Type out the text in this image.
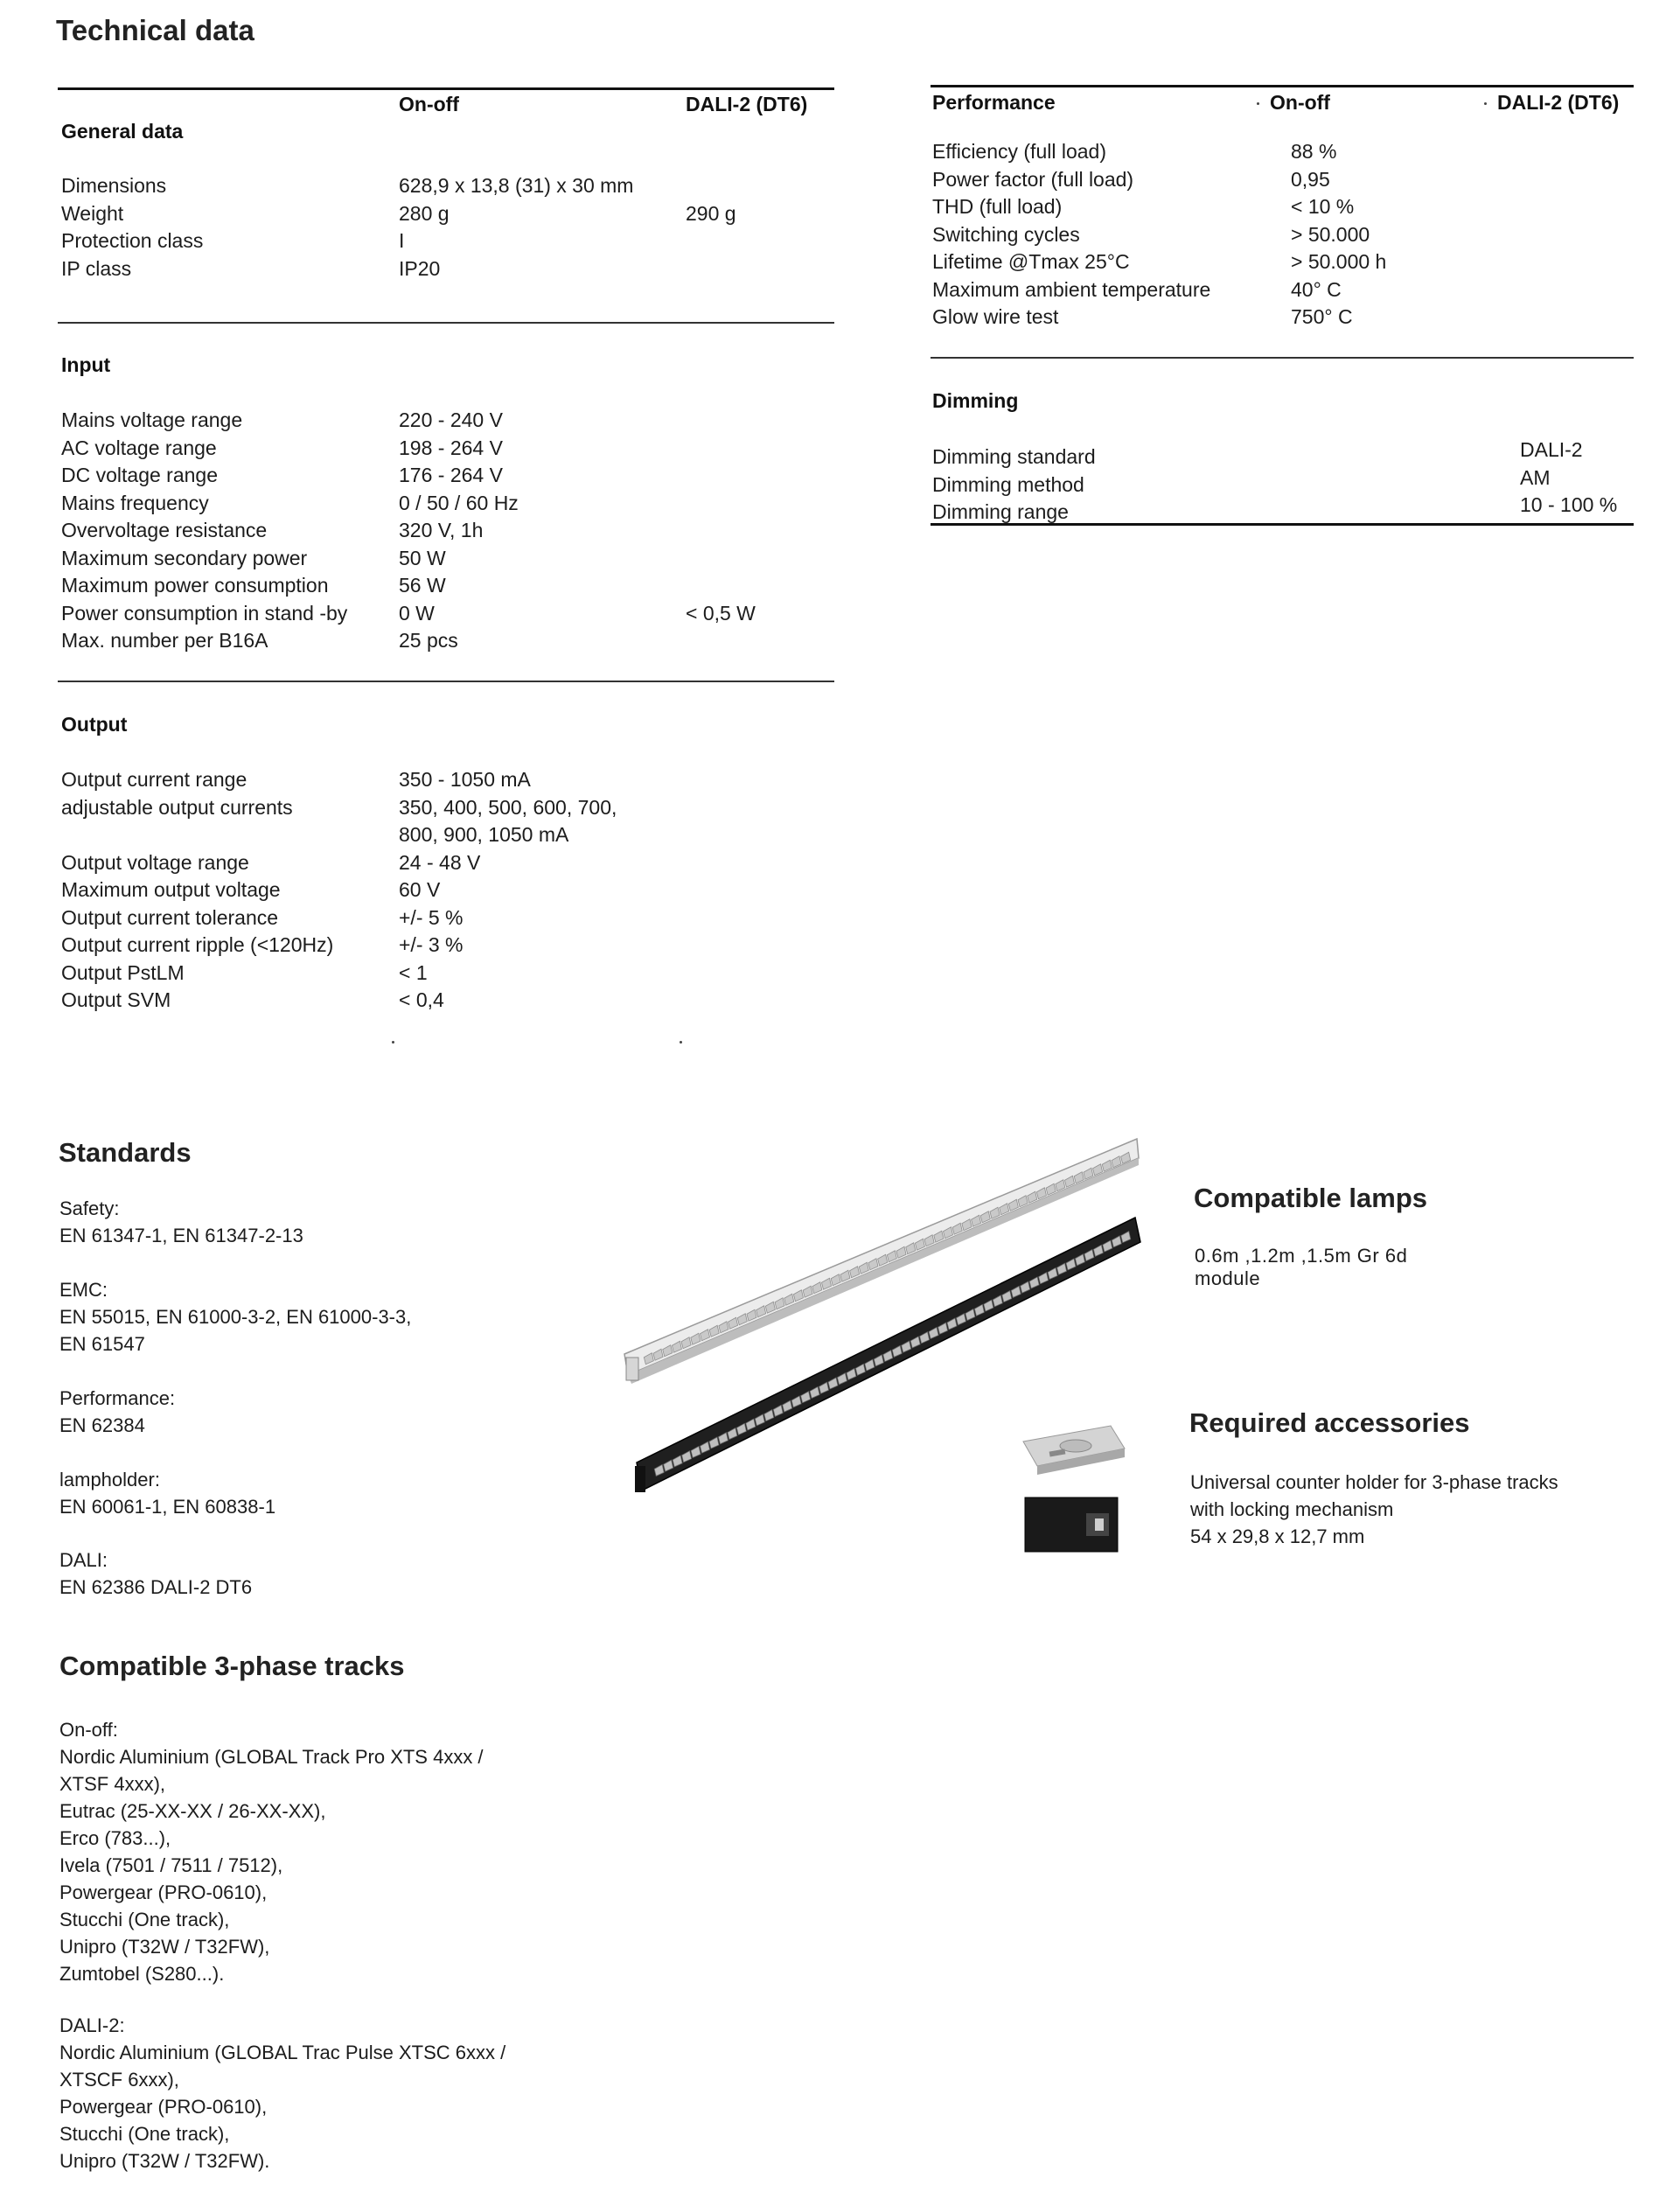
Technical data
On-off	DALI-2 (DT6)
General data
Dimensions	628,9 x 13,8 (31) x 30 mm
Weight	280 g	290 g
Protection class	I
IP class	IP20
Input
Mains voltage range	220 - 240 V
AC voltage range	198 - 264 V
DC voltage range	176 - 264 V
Mains frequency	0 / 50 / 60 Hz
Overvoltage resistance	320 V, 1h
Maximum secondary power	50 W
Maximum power consumption	56 W
Power consumption in stand -by	0 W	< 0,5 W
Max. number per B16A	25 pcs
Output
Output current range	350 - 1050 mA
adjustable output currents	350, 400, 500, 600, 700,
800, 900, 1050 mA
Output voltage range	24 - 48 V
Maximum output voltage	60 V
Output current tolerance	+/- 5 %
Output current ripple (<120Hz)	+/- 3 %
Output PstLM	< 1
Output SVM	< 0,4
Performance	On-off	DALI-2 (DT6)
Efficiency (full load)	88 %
Power factor (full load)	0,95
THD (full load)	< 10 %
Switching cycles	> 50.000
Lifetime @Tmax 25°C	> 50.000 h
Maximum ambient temperature	40° C
Glow wire test	750° C
Dimming
Dimming standard	DALI-2
Dimming method	AM
Dimming range	10 - 100 %
Standards
Safety:
EN 61347-1, EN 61347-2-13
EMC:
EN 55015, EN 61000-3-2, EN 61000-3-3,
EN 61547
Performance:
EN 62384
lampholder:
EN 60061-1, EN 60838-1
DALI:
EN 62386 DALI-2 DT6
Compatible 3-phase tracks
On-off:
Nordic Aluminium (GLOBAL Track Pro XTS 4xxx /
XTSF 4xxx),
Eutrac (25-XX-XX / 26-XX-XX),
Erco (783...),
Ivela (7501 / 7511 / 7512),
Powergear (PRO-0610),
Stucchi (One track),
Unipro (T32W / T32FW),
Zumtobel (S280...).
DALI-2:
Nordic Aluminium (GLOBAL Trac Pulse XTSC 6xxx /
XTSCF 6xxx),
Powergear (PRO-0610),
Stucchi (One track),
Unipro (T32W / T32FW).
Compatible lamps
0.6m ,1.2m ,1.5m Gr 6d
module
Required accessories
Universal counter holder for 3-phase tracks
with locking mechanism
54 x 29,8 x 12,7 mm
